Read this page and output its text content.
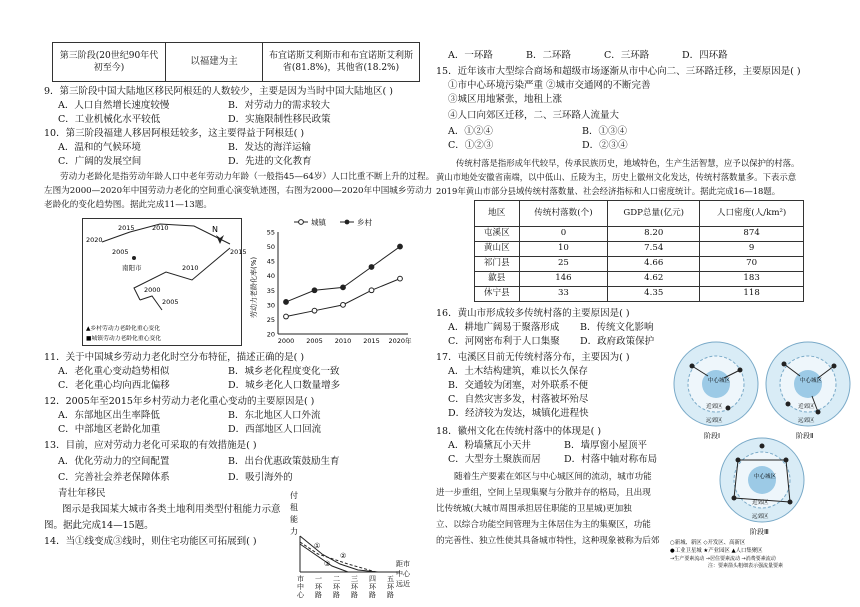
第三阶段(20世纪90年代初至今)	以福建为主	布宜诺斯艾利斯市和布宜诺斯艾利斯省(81.8%)，其他省(18.2%)
9．第三阶段中国大陆地区移民阿根廷的人数较少，主要是因为当时中国大陆地区( )
A．人口自然增长速度较慢	B．对劳动力的需求较大
C．工业机械化水平较低	D．实施限制性移民政策
10．第三阶段福建人移居阿根廷较多，这主要得益于阿根廷( )
A．温和的气候环境	B．发达的海洋运输
C．广阔的发展空间	D．先进的文化教育
劳动力老龄化是指劳动年龄人口中老年劳动力年龄（一般指45—64岁）人口比重不断上升的过程。
左图为2000—2020年中国劳动力老化的空间重心演变轨迹图，右图为2000—2020年中国城乡劳动力
老龄化的变化趋势图。据此完成11—13题。
N
2020
2015	2010
2005
2000
2015
2010
2005
南阳市
▲乡村劳动力老龄化重心变化
■城镇劳动力老龄化重心变化
城镇	乡村
劳动力老龄化率(%)
20
25
30
35
40
45
50
55
2000 2005 2010 2015 2020年
11．关于中国城乡劳动力老化时空分布特征，描述正确的是( )
A．老化重心变动趋势相似	B．城乡老化程度变化一致
C．老化重心均向西北偏移	D．城乡老化人口数量增多
12．2005年至2015年乡村劳动力老化重心变动的主要原因是( )
A．东部地区出生率降低	B．东北地区人口外流
C．中部地区老龄化加重	D．西部地区人口回流
13．目前，应对劳动力老化可采取的有效措施是( )
A．优化劳动力的空间配置	B．出台优惠政策鼓励生育
C．完善社会养老保障体系	D．吸引海外的
青壮年移民
图示是我国某大城市各类土地利用类型付租能力示意
图。据此完成14—15题。
14．当①线变成③线时，则住宅功能区可拓展到( )
付
租
能
力
①
②
③	距市
中心
远近
市
中
心
一
环
路
二
环
路
三
环
路
四
环
路
五
环
路
A．一环路	B．二环路	C．三环路	D．四环路
15．近年该市大型综合商场和超级市场逐渐从市中心向二、三环路迁移，主要原因是( )
①市中心环境污染严重 ②城市交通网的不断完善
③城区用地紧张，地租上涨
④人口向郊区迁移，二、三环路人流量大
A．①②④	B．①③④
C．①②③	D．②③④
传统村落是指形成年代较早，传承民族历史，地域特色，生产生活智慧，应予以保护的村落。
黄山市地处安徽省南端，以中低山、丘陵为主，历史上徽州文化发达，传统村落数量多。下表示意
2019年黄山市部分县域传统村落数量、社会经济指标和人口密度统计。据此完成16—18题。
地区	传统村落数(个)	GDP总量(亿元)	人口密度(人/km²)
屯溪区	0	8.20	874
黄山区	10	7.54	9
祁门县	25	4.66	70
歙县	146	4.62	183
休宁县	33	4.35	118
16．黄山市形成较多传统村落的主要原因是( )
A．耕地广阔易于聚落形成 B．传统文化影响
C．河网密布利于人口集聚 D．政府政策保护
17．屯溪区目前无传统村落分布，主要因为( )
A．土木结构建筑，难以长久保存
B．交通较为闭塞，对外联系不便
C．自然灾害多发，村落被坏殆尽
D．经济较为发达，城镇化进程快
18．徽州文化在传统村落中的体现是( )
A．粉墙黛瓦小天井	B．墙厚窗小屋顶平
C．大型夯土聚族而居 D．村落中轴对称布局
随着生产要素在郊区与中心城区间的流动，城市功能
进一步重组，空间上呈现集聚与分散并存的格局，且出现
比传统城(大城市周围承担居住职能的卫星城)更加独
立、以综合功能空间管理为主体居住为主的集聚区，功能
的完善性、独立性使其具备城市特性，这种现象被称为后郊
中心城区
近郊区
远郊区
阶段Ⅰ
中心城区
近郊区
远郊区
阶段Ⅱ
中心城区
近郊区
远郊区
阶段Ⅲ
○新城、新区 ◇开发区、高新区
●工业卫星城 ★产业园区 ▲人口集聚区
→生产要素流动 →居住要素流动 →消费要素流动
注：要素箭头粗细表示强流量要素
